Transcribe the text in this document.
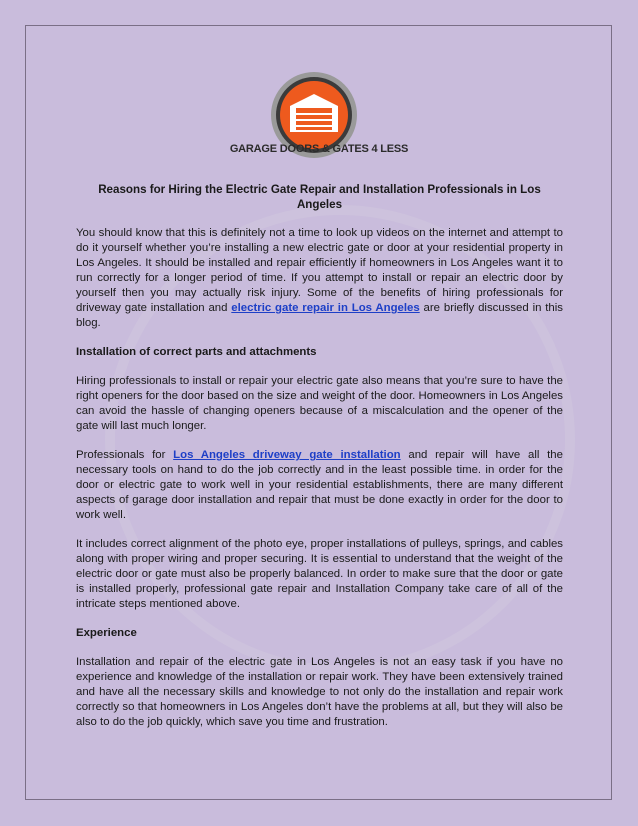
GARAGE DOORS & GATES 4 LESS
Reasons for Hiring the Electric Gate Repair and Installation Professionals in Los Angeles

You should know that this is definitely not a time to look up videos on the internet and attempt to do it yourself whether you’re installing a new electric gate or door at your residential property in Los Angeles. It should be installed and repair efficiently if homeowners in Los Angeles want it to run correctly for a longer period of time. If you attempt to install or repair an electric door by yourself then you may actually risk injury. Some of the benefits of hiring professionals for driveway gate installation and electric gate repair in Los Angeles are briefly discussed in this blog.

Installation of correct parts and attachments

Hiring professionals to install or repair your electric gate also means that you’re sure to have the right openers for the door based on the size and weight of the door. Homeowners in Los Angeles can avoid the hassle of changing openers because of a miscalculation and the opener of the gate will last much longer.

Professionals for Los Angeles driveway gate installation and repair will have all the necessary tools on hand to do the job correctly and in the least possible time. in order for the door or electric gate to work well in your residential establishments, there are many different aspects of garage door installation and repair that must be done exactly in order for the door to work well.

It includes correct alignment of the photo eye, proper installations of pulleys, springs, and cables along with proper wiring and proper securing. It is essential to understand that the weight of the electric door or gate must also be properly balanced. In order to make sure that the door or gate is installed properly, professional gate repair and Installation Company take care of all of the intricate steps mentioned above.

Experience

Installation and repair of the electric gate in Los Angeles is not an easy task if you have no experience and knowledge of the installation or repair work. They have been extensively trained and have all the necessary skills and knowledge to not only do the installation and repair work correctly so that homeowners in Los Angeles don’t have the problems at all, but they will also be also to do the job quickly, which save you time and frustration.
